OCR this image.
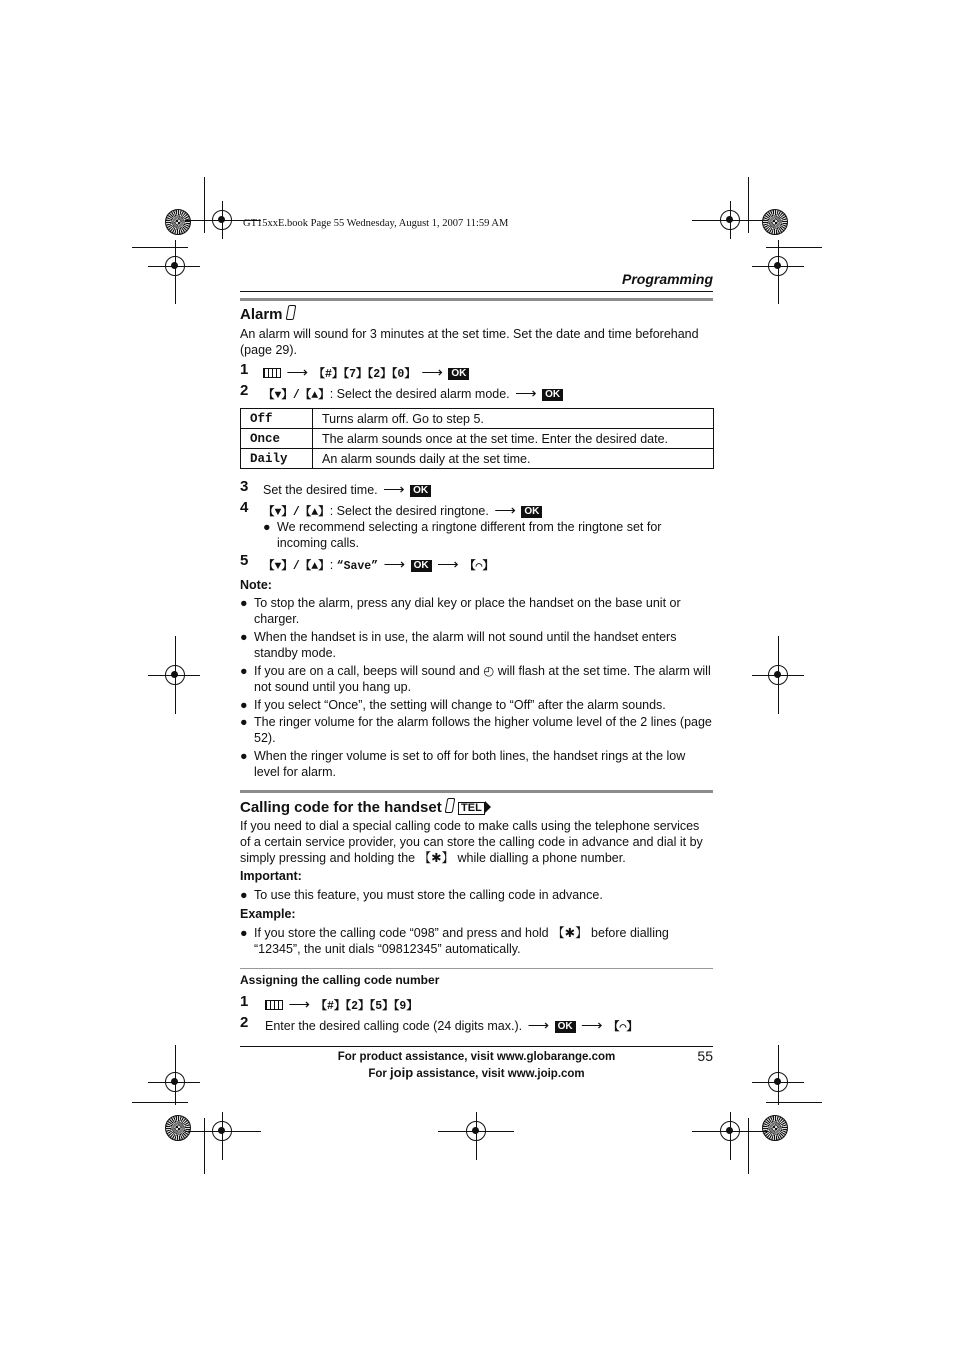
GT15xxE.book Page 55 Wednesday, August 1, 2007 11:59 AM
Programming
Alarm
An alarm will sound for 3 minutes at the set time. Set the date and time beforehand (page 29).
1	⟶ 【#】【7】【2】【0】 ⟶ OK
2 【▼】/【▲】: Select the desired alarm mode. ⟶ OK
Off	Turns alarm off. Go to step 5.
Once	The alarm sounds once at the set time. Enter the desired date.
Daily	An alarm sounds daily at the set time.
3 Set the desired time. ⟶ OK
4 【▼】/【▲】: Select the desired ringtone. ⟶ OK
● We recommend selecting a ringtone different from the ringtone set for incoming calls.
5 【▼】/【▲】: “Save” ⟶ OK ⟶ 【⌒】
Note:
● To stop the alarm, press any dial key or place the handset on the base unit or charger.
● When the handset is in use, the alarm will not sound until the handset enters standby mode.
● If you are on a call, beeps will sound and ◴ will flash at the set time. The alarm will not sound until you hang up.
● If you select “Once”, the setting will change to “Off” after the alarm sounds.
● The ringer volume for the alarm follows the higher volume level of the 2 lines (page 52).
● When the ringer volume is set to off for both lines, the handset rings at the low level for alarm.
Calling code for the handset TEL
If you need to dial a special calling code to make calls using the telephone services of a certain service provider, you can store the calling code in advance and dial it by simply pressing and holding the 【✱】 while dialling a phone number.
Important:
● To use this feature, you must store the calling code in advance.
Example:
● If you store the calling code “098” and press and hold 【✱】 before dialling “12345”, the unit dials “09812345” automatically.
Assigning the calling code number
1	⟶ 【#】【2】【5】【9】
2 Enter the desired calling code (24 digits max.). ⟶ OK ⟶ 【⌒】
For product assistance, visit www.globarange.com
For joip assistance, visit www.joip.com
55
